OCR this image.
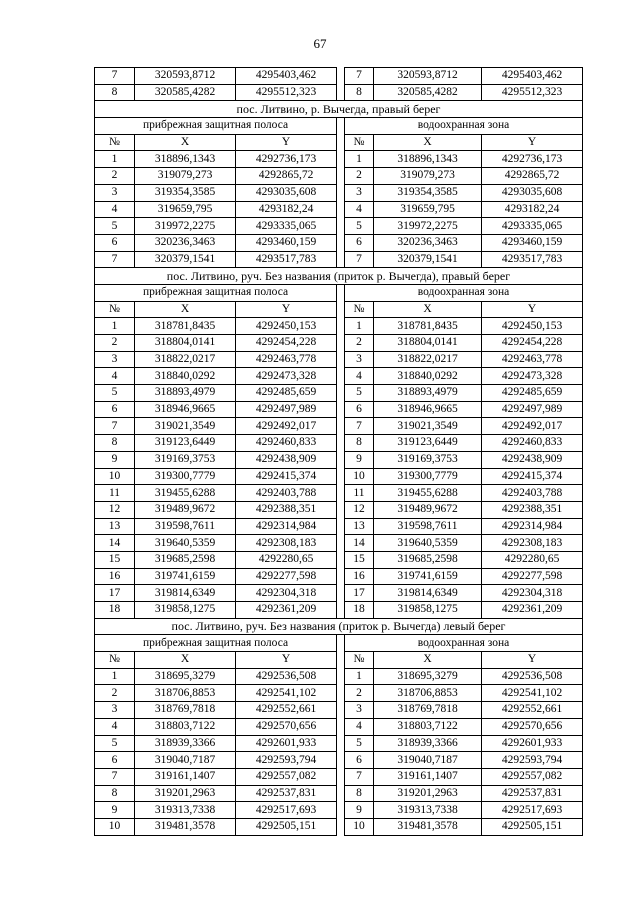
67
7	320593,8712	4295403,462		7	320593,8712	4295403,462
8	320585,4282	4295512,323		8	320585,4282	4295512,323
пос. Литвино, р. Вычегда, правый берег						
прибрежная защитная полоса				водоохранная зона		
№	X	Y		№	X	Y
1	318896,1343	4292736,173		1	318896,1343	4292736,173
2	319079,273	4292865,72		2	319079,273	4292865,72
3	319354,3585	4293035,608		3	319354,3585	4293035,608
4	319659,795	4293182,24		4	319659,795	4293182,24
5	319972,2275	4293335,065		5	319972,2275	4293335,065
6	320236,3463	4293460,159		6	320236,3463	4293460,159
7	320379,1541	4293517,783		7	320379,1541	4293517,783
пос. Литвино, руч. Без названия (приток р. Вычегда), правый берег						
прибрежная защитная полоса				водоохранная зона		
№	X	Y		№	X	Y
1	318781,8435	4292450,153		1	318781,8435	4292450,153
2	318804,0141	4292454,228		2	318804,0141	4292454,228
3	318822,0217	4292463,778		3	318822,0217	4292463,778
4	318840,0292	4292473,328		4	318840,0292	4292473,328
5	318893,4979	4292485,659		5	318893,4979	4292485,659
6	318946,9665	4292497,989		6	318946,9665	4292497,989
7	319021,3549	4292492,017		7	319021,3549	4292492,017
8	319123,6449	4292460,833		8	319123,6449	4292460,833
9	319169,3753	4292438,909		9	319169,3753	4292438,909
10	319300,7779	4292415,374		10	319300,7779	4292415,374
11	319455,6288	4292403,788		11	319455,6288	4292403,788
12	319489,9672	4292388,351		12	319489,9672	4292388,351
13	319598,7611	4292314,984		13	319598,7611	4292314,984
14	319640,5359	4292308,183		14	319640,5359	4292308,183
15	319685,2598	4292280,65		15	319685,2598	4292280,65
16	319741,6159	4292277,598		16	319741,6159	4292277,598
17	319814,6349	4292304,318		17	319814,6349	4292304,318
18	319858,1275	4292361,209		18	319858,1275	4292361,209
пос. Литвино, руч. Без названия (приток р. Вычегда) левый берег						
прибрежная защитная полоса				водоохранная зона		
№	X	Y		№	X	Y
1	318695,3279	4292536,508		1	318695,3279	4292536,508
2	318706,8853	4292541,102		2	318706,8853	4292541,102
3	318769,7818	4292552,661		3	318769,7818	4292552,661
4	318803,7122	4292570,656		4	318803,7122	4292570,656
5	318939,3366	4292601,933		5	318939,3366	4292601,933
6	319040,7187	4292593,794		6	319040,7187	4292593,794
7	319161,1407	4292557,082		7	319161,1407	4292557,082
8	319201,2963	4292537,831		8	319201,2963	4292537,831
9	319313,7338	4292517,693		9	319313,7338	4292517,693
10	319481,3578	4292505,151		10	319481,3578	4292505,151
